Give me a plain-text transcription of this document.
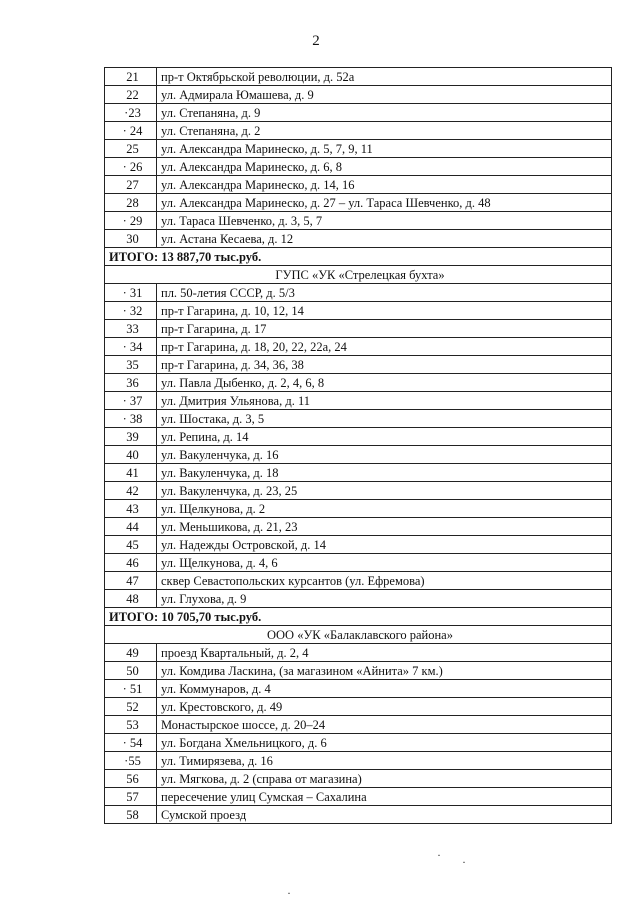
2
21	пр-т Октябрьской революции, д. 52а
22	ул. Адмирала Юмашева, д. 9
·23	ул. Степаняна, д. 9
· 24	ул. Степаняна, д. 2
25	ул. Александра Маринеско, д. 5, 7, 9, 11
· 26	ул. Александра Маринеско, д. 6, 8
27	ул. Александра Маринеско, д. 14, 16
28	ул. Александра Маринеско, д. 27 – ул. Тараса Шевченко, д. 48
· 29	ул. Тараса Шевченко, д. 3, 5, 7
30	ул. Астана Кесаева, д. 12
ИТОГО: 13 887,70 тыс.руб.	
ГУПС «УК «Стрелецкая бухта»	
· 31	пл. 50-летия СССР, д. 5/3
· 32	пр-т Гагарина, д. 10, 12, 14
33	пр-т Гагарина, д. 17
· 34	пр-т Гагарина, д. 18, 20, 22, 22а, 24
35	пр-т Гагарина, д. 34, 36, 38
36	ул. Павла Дыбенко, д. 2, 4, 6, 8
· 37	ул. Дмитрия Ульянова, д. 11
· 38	ул. Шостака, д. 3, 5
39	ул. Репина, д. 14
40	ул. Вакуленчука, д. 16
41	ул. Вакуленчука, д. 18
42	ул. Вакуленчука, д. 23, 25
43	ул. Щелкунова, д. 2
44	ул. Меньшикова, д. 21, 23
45	ул. Надежды Островской, д. 14
46	ул. Щелкунова, д. 4, 6
47	сквер Севастопольских курсантов (ул. Ефремова)
48	ул. Глухова, д. 9
ИТОГО: 10 705,70 тыс.руб.	
ООО «УК «Балаклавского района»	
49	проезд Квартальный, д. 2, 4
50	ул. Комдива Ласкина, (за магазином «Айнита» 7 км.)
· 51	ул. Коммунаров, д. 4
52	ул. Крестовского, д. 49
53	Монастырское шоссе, д. 20–24
· 54	ул. Богдана Хмельницкого, д. 6
·55	ул. Тимирязева, д. 16
56	ул. Мягкова, д. 2 (справа от магазина)
57	пересечение улиц Сумская – Сахалина
58	Сумской проезд
· ·
·
